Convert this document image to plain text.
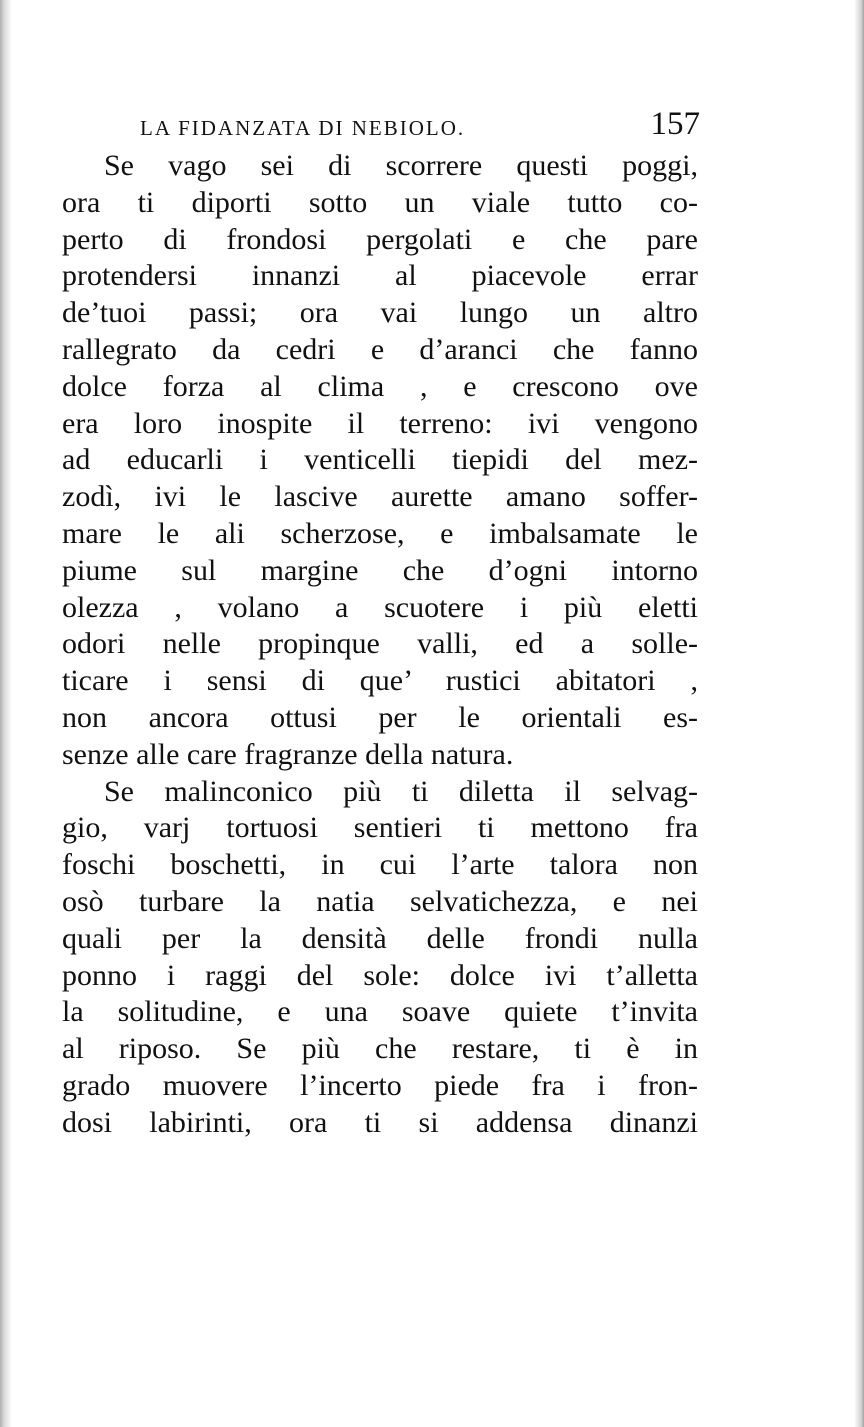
LA FIDANZATA DI NEBIOLO.	157
Se vago sei di scorrere questi poggi,
ora ti diporti sotto un viale tutto co-
perto di frondosi pergolati e che pare
protendersi innanzi al piacevole errar
de’tuoi passi; ora vai lungo un altro
rallegrato da cedri e d’aranci che fanno
dolce forza al clima , e crescono ove
era loro inospite il terreno: ivi vengono
ad educarli i venticelli tiepidi del mez-
zodì, ivi le lascive aurette amano soffer-
mare le ali scherzose, e imbalsamate le
piume sul margine che d’ogni intorno
olezza , volano a scuotere i più eletti
odori nelle propinque valli, ed a solle-
ticare i sensi di que’ rustici abitatori ,
non ancora ottusi per le orientali es-
senze alle care fragranze della natura.
Se malinconico più ti diletta il selvag-
gio, varj tortuosi sentieri ti mettono fra
foschi boschetti, in cui l’arte talora non
osò turbare la natia selvatichezza, e nei
quali per la densità delle frondi nulla
ponno i raggi del sole: dolce ivi t’alletta
la solitudine, e una soave quiete t’invita
al riposo. Se più che restare, ti è in
grado muovere l’incerto piede fra i fron-
dosi labirinti, ora ti si addensa dinanzi
